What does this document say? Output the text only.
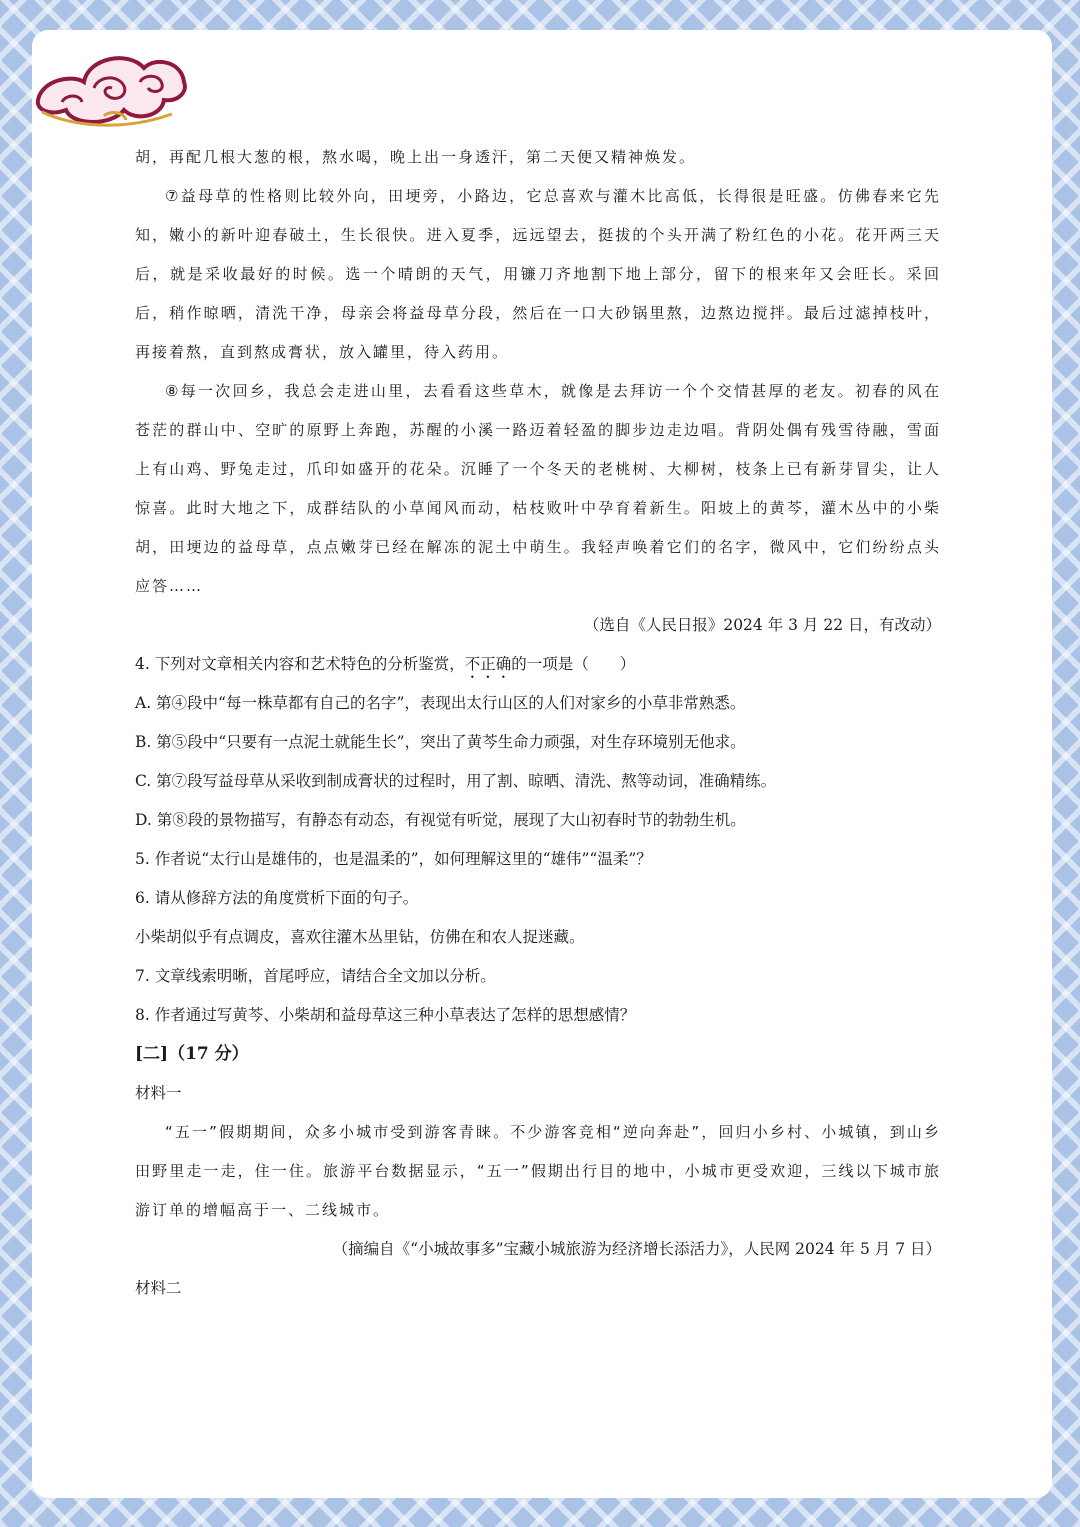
胡，再配几根大葱的根，熬水喝，晚上出一身透汗，第二天便又精神焕发。

⑦益母草的性格则比较外向，田埂旁，小路边，它总喜欢与灌木比高低，长得很是旺盛。仿佛春来它先知，嫩小的新叶迎春破土，生长很快。进入夏季，远远望去，挺拔的个头开满了粉红色的小花。花开两三天后，就是采收最好的时候。选一个晴朗的天气，用镰刀齐地割下地上部分，留下的根来年又会旺长。采回后，稍作晾晒，清洗干净，母亲会将益母草分段，然后在一口大砂锅里熬，边熬边搅拌。最后过滤掉枝叶，再接着熬，直到熬成膏状，放入罐里，待入药用。

⑧每一次回乡，我总会走进山里，去看看这些草木，就像是去拜访一个个交情甚厚的老友。初春的风在苍茫的群山中、空旷的原野上奔跑，苏醒的小溪一路迈着轻盈的脚步边走边唱。背阴处偶有残雪待融，雪面上有山鸡、野兔走过，爪印如盛开的花朵。沉睡了一个冬天的老桃树、大柳树，枝条上已有新芽冒尖，让人惊喜。此时大地之下，成群结队的小草闻风而动，枯枝败叶中孕育着新生。阳坡上的黄芩，灌木丛中的小柴胡，田埂边的益母草，点点嫩芽已经在解冻的泥土中萌生。我轻声唤着它们的名字，微风中，它们纷纷点头应答……

（选自《人民日报》2024 年 3 月 22 日，有改动）

4. 下列对文章相关内容和艺术特色的分析鉴赏，不正确的一项是（　　）

A. 第④段中“每一株草都有自己的名字”，表现出太行山区的人们对家乡的小草非常熟悉。

B. 第⑤段中“只要有一点泥土就能生长”，突出了黄芩生命力顽强，对生存环境别无他求。

C. 第⑦段写益母草从采收到制成膏状的过程时，用了割、晾晒、清洗、熬等动词，准确精练。

D. 第⑧段的景物描写，有静态有动态，有视觉有听觉，展现了大山初春时节的勃勃生机。

5. 作者说“太行山是雄伟的，也是温柔的”，如何理解这里的“雄伟”“温柔”？

6. 请从修辞方法的角度赏析下面的句子。

小柴胡似乎有点调皮，喜欢往灌木丛里钻，仿佛在和农人捉迷藏。

7. 文章线索明晰，首尾呼应，请结合全文加以分析。

8. 作者通过写黄芩、小柴胡和益母草这三种小草表达了怎样的思想感情？

[二]（17 分）

材料一

“五一”假期期间，众多小城市受到游客青睐。不少游客竞相“逆向奔赴”，回归小乡村、小城镇，到山乡田野里走一走，住一住。旅游平台数据显示，“五一”假期出行目的地中，小城市更受欢迎，三线以下城市旅游订单的增幅高于一、二线城市。

（摘编自《“小城故事多”宝藏小城旅游为经济增长添活力》，人民网 2024 年 5 月 7 日）

材料二
